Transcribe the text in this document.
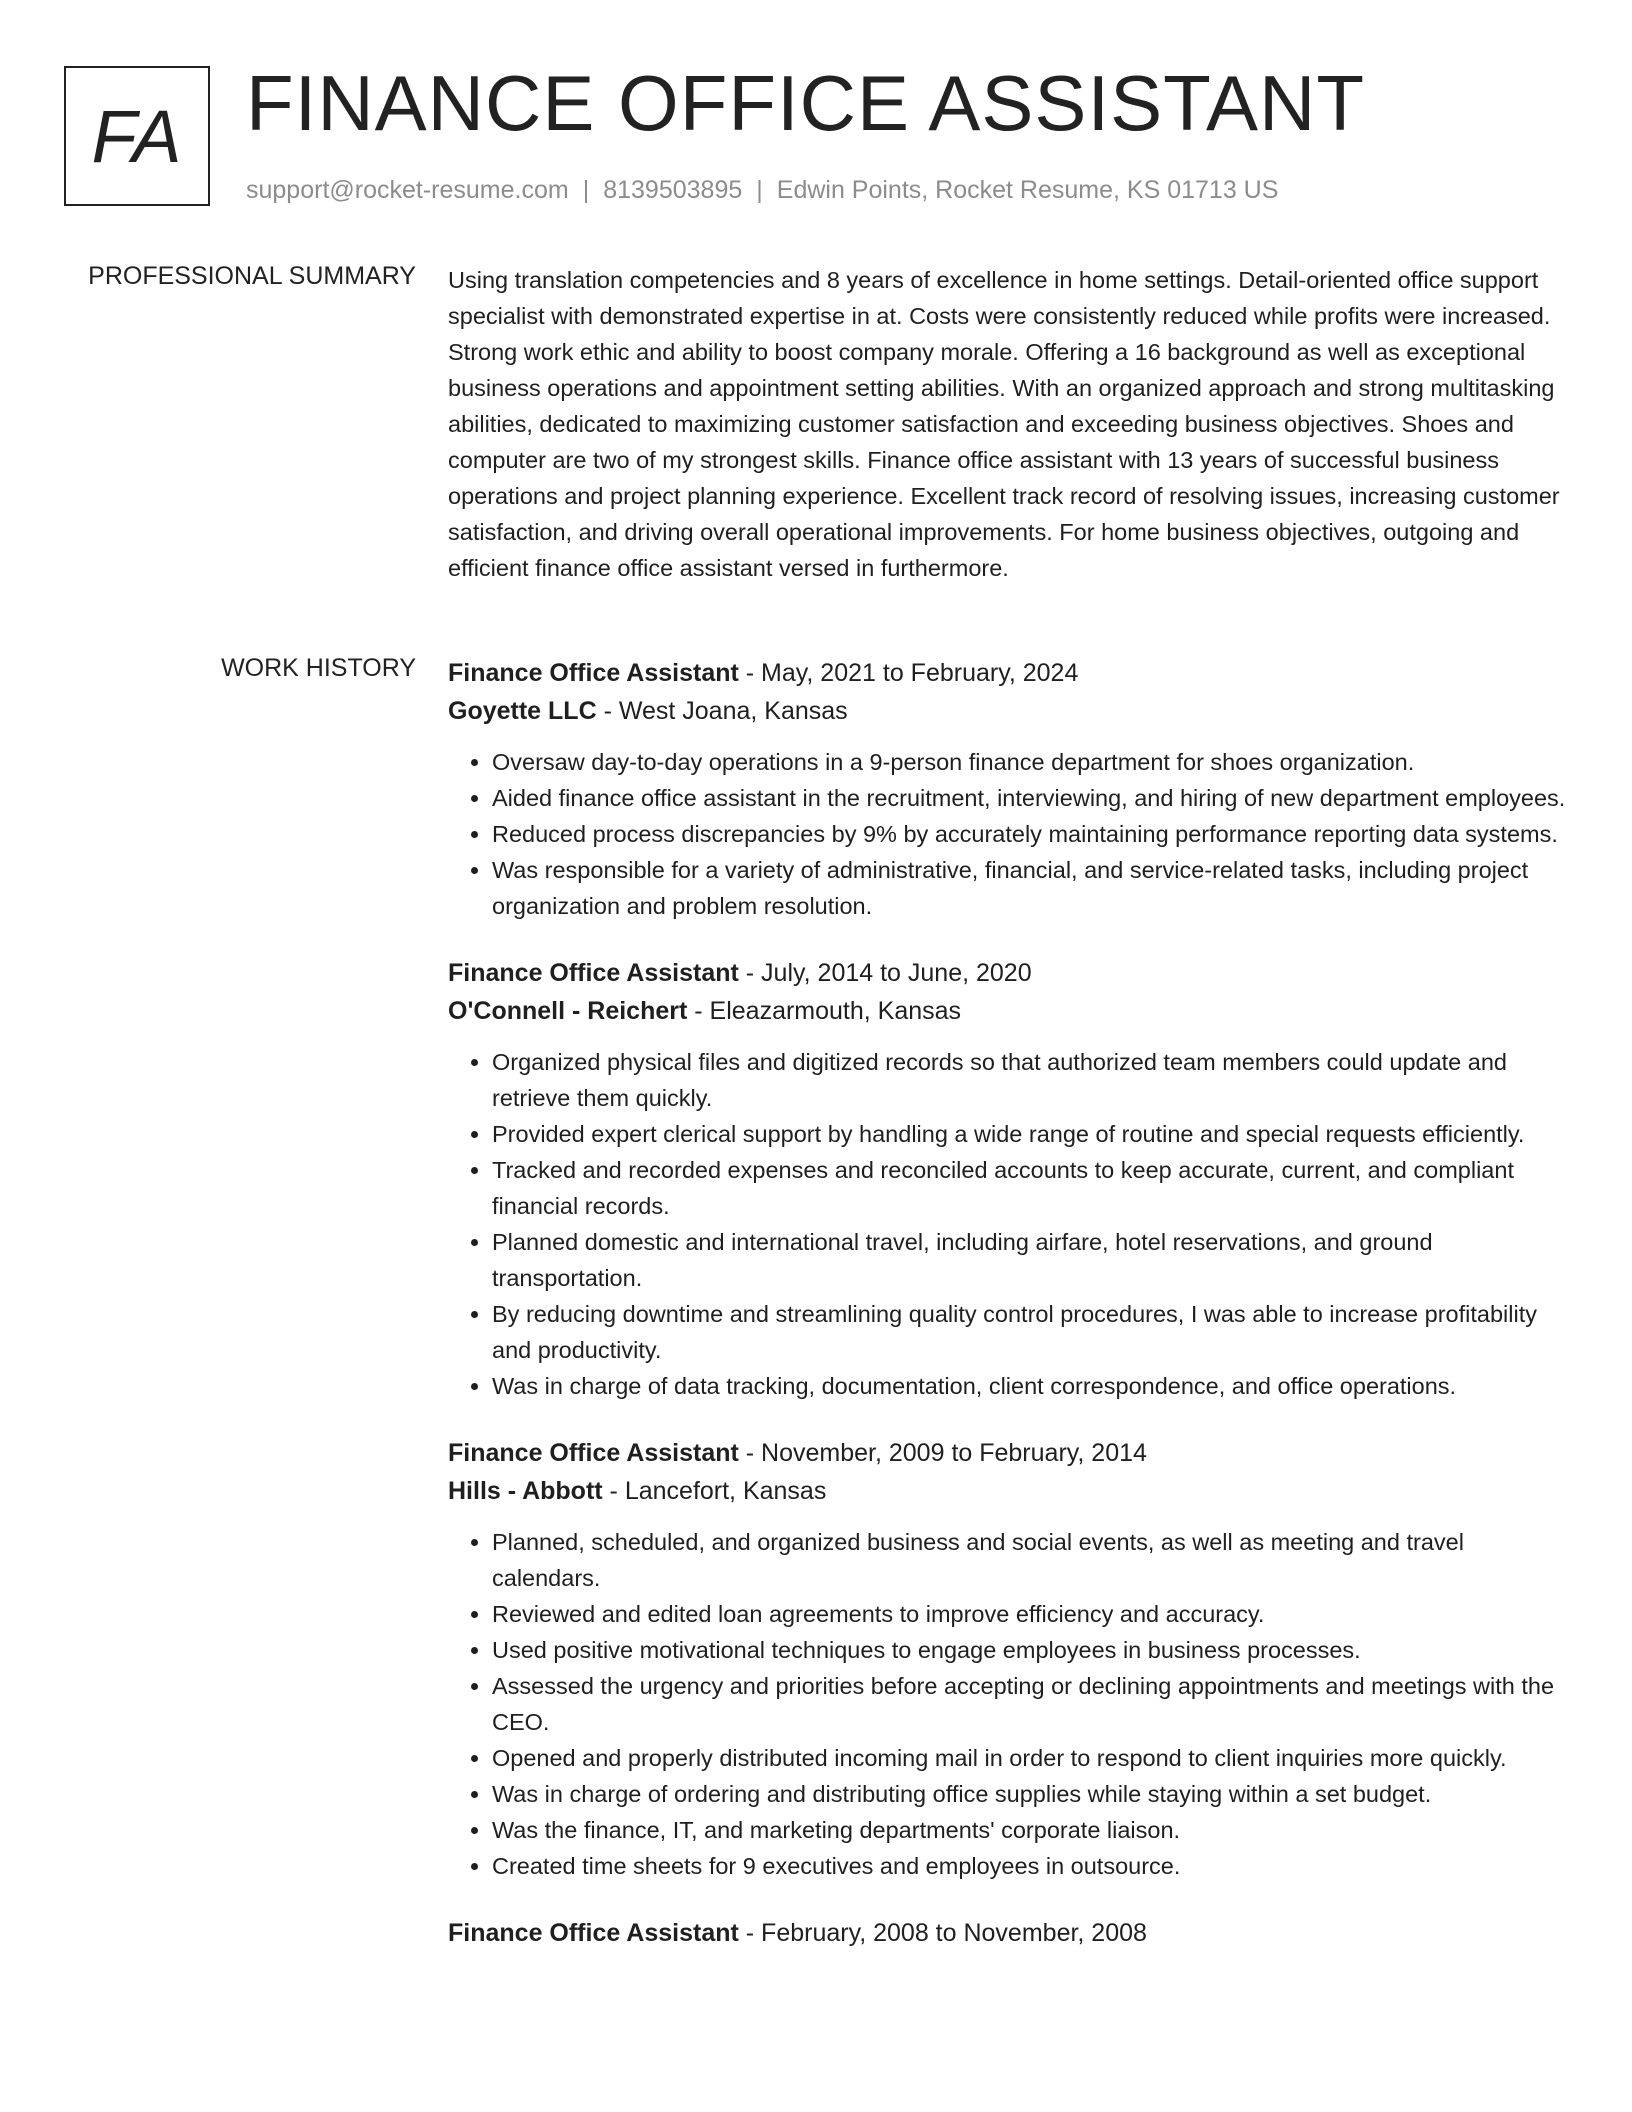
FA FINANCE OFFICE ASSISTANT
support@rocket-resume.com | 8139503895 | Edwin Points, Rocket Resume, KS 01713 US
PROFESSIONAL SUMMARY Using translation competencies and 8 years of excellence in home settings. Detail-oriented office support specialist with demonstrated expertise in at. Costs were consistently reduced while profits were increased. Strong work ethic and ability to boost company morale. Offering a 16 background as well as exceptional business operations and appointment setting abilities. With an organized approach and strong multitasking abilities, dedicated to maximizing customer satisfaction and exceeding business objectives. Shoes and computer are two of my strongest skills. Finance office assistant with 13 years of successful business operations and project planning experience. Excellent track record of resolving issues, increasing customer satisfaction, and driving overall operational improvements. For home business objectives, outgoing and efficient finance office assistant versed in furthermore.

WORK HISTORY Finance Office Assistant - May, 2021 to February, 2024
Goyette LLC - West Joana, Kansas
• Oversaw day-to-day operations in a 9-person finance department for shoes organization.
• Aided finance office assistant in the recruitment, interviewing, and hiring of new department employees.
• Reduced process discrepancies by 9% by accurately maintaining performance reporting data systems.
• Was responsible for a variety of administrative, financial, and service-related tasks, including project organization and problem resolution.
Finance Office Assistant - July, 2014 to June, 2020
O'Connell - Reichert - Eleazarmouth, Kansas
• Organized physical files and digitized records so that authorized team members could update and retrieve them quickly.
• Provided expert clerical support by handling a wide range of routine and special requests efficiently.
• Tracked and recorded expenses and reconciled accounts to keep accurate, current, and compliant financial records.
• Planned domestic and international travel, including airfare, hotel reservations, and ground transportation.
• By reducing downtime and streamlining quality control procedures, I was able to increase profitability and productivity.
• Was in charge of data tracking, documentation, client correspondence, and office operations.
Finance Office Assistant - November, 2009 to February, 2014
Hills - Abbott - Lancefort, Kansas
• Planned, scheduled, and organized business and social events, as well as meeting and travel calendars.
• Reviewed and edited loan agreements to improve efficiency and accuracy.
• Used positive motivational techniques to engage employees in business processes.
• Assessed the urgency and priorities before accepting or declining appointments and meetings with the CEO.
• Opened and properly distributed incoming mail in order to respond to client inquiries more quickly.
• Was in charge of ordering and distributing office supplies while staying within a set budget.
• Was the finance, IT, and marketing departments' corporate liaison.
• Created time sheets for 9 executives and employees in outsource.
Finance Office Assistant - February, 2008 to November, 2008
